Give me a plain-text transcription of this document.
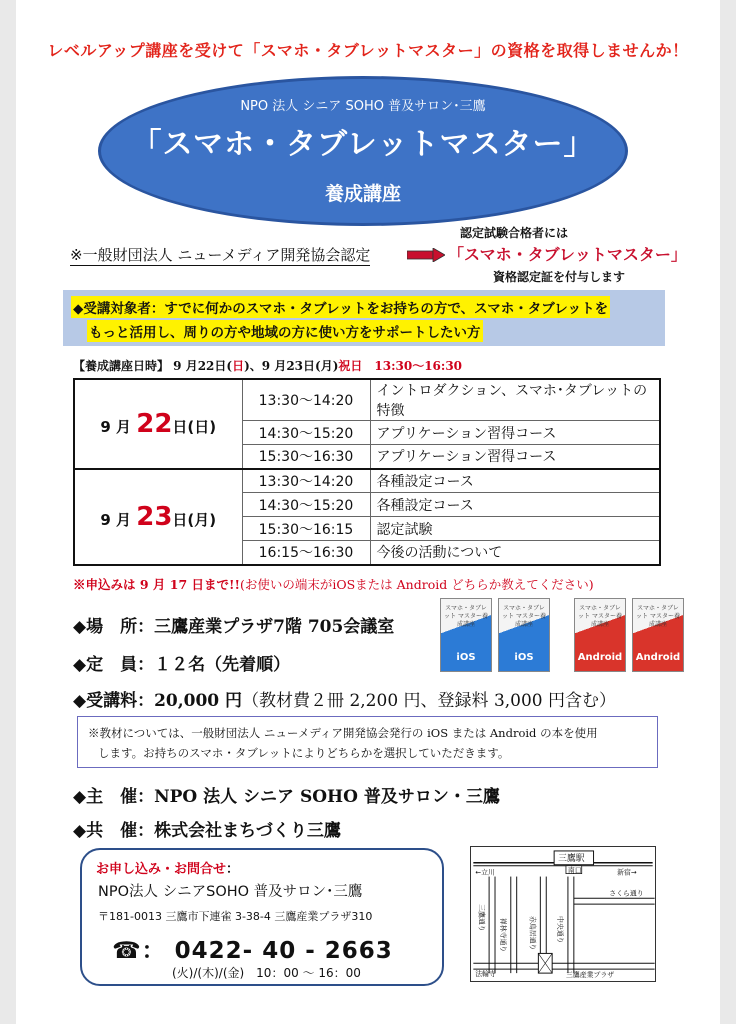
レベルアップ講座を受けて「スマホ・タブレットマスター」の資格を取得しませんか！
NPO 法人 シニア SOHO 普及サロン･三鷹
「スマホ・タブレットマスター」
養成講座
※一般財団法人 ニューメディア開発協会認定
認定試験合格者には
「スマホ・タブレットマスター」
資格認定証を付与します
◆受講対象者：すでに何かのスマホ・タブレットをお持ちの方で、スマホ・タブレットを
もっと活用し、周りの方や地域の方に使い方をサポートしたい方
【養成講座日時】 9 月22日(日)、9 月23日(月)祝日　13:30～16:30
9 月 22日(日)	13:30～14:20	イントロダクション、スマホ･タブレットの特徴
	14:30～15:20	アプリケーション習得コース
	15:30～16:30	アプリケーション習得コース
9 月 23日(月)	13:30～14:20	各種設定コース
	14:30～15:20	各種設定コース
	15:30～16:15	認定試験
	16:15～16:30	今後の活動について
※申込みは 9 月 17 日まで!!(お使いの端末がiOSまたは Android どちらか教えてください)
◆場　所：三鷹産業プラザ7階 705会議室
◆定　員：１２名（先着順）
◆受講料：20,000 円（教材費２冊 2,200 円、登録料 3,000 円含む）
スマホ・タブレット マスター養成講座
iOS
スマホ・タブレット マスター養成講座
iOS
スマホ・タブレット マスター養成講座
Android
スマホ・タブレット マスター養成講座
Android
※教材については、一般財団法人 ニューメディア開発協会発行の iOS または Android の本を使用
します。お持ちのスマホ・タブレットによりどちらかを選択していただきます。
◆主　催：NPO 法人 シニア SOHO 普及サロン・三鷹
◆共　催：株式会社まちづくり三鷹
お申し込み・お問合せ：
NPO法人 シニアSOHO 普及サロン･三鷹
〒181-0013 三鷹市下連雀 3-38-4 三鷹産業プラザ310
☎： 0422- 40 - 2663
(火)/(木)/(金)　10：00 ～ 16：00
三鷹駅
南口
←立川	新宿→
さくら通り
三鷹通り
禅林寺通り	赤鳥居通り	中央通り
法輪寺	三鷹産業プラザ
